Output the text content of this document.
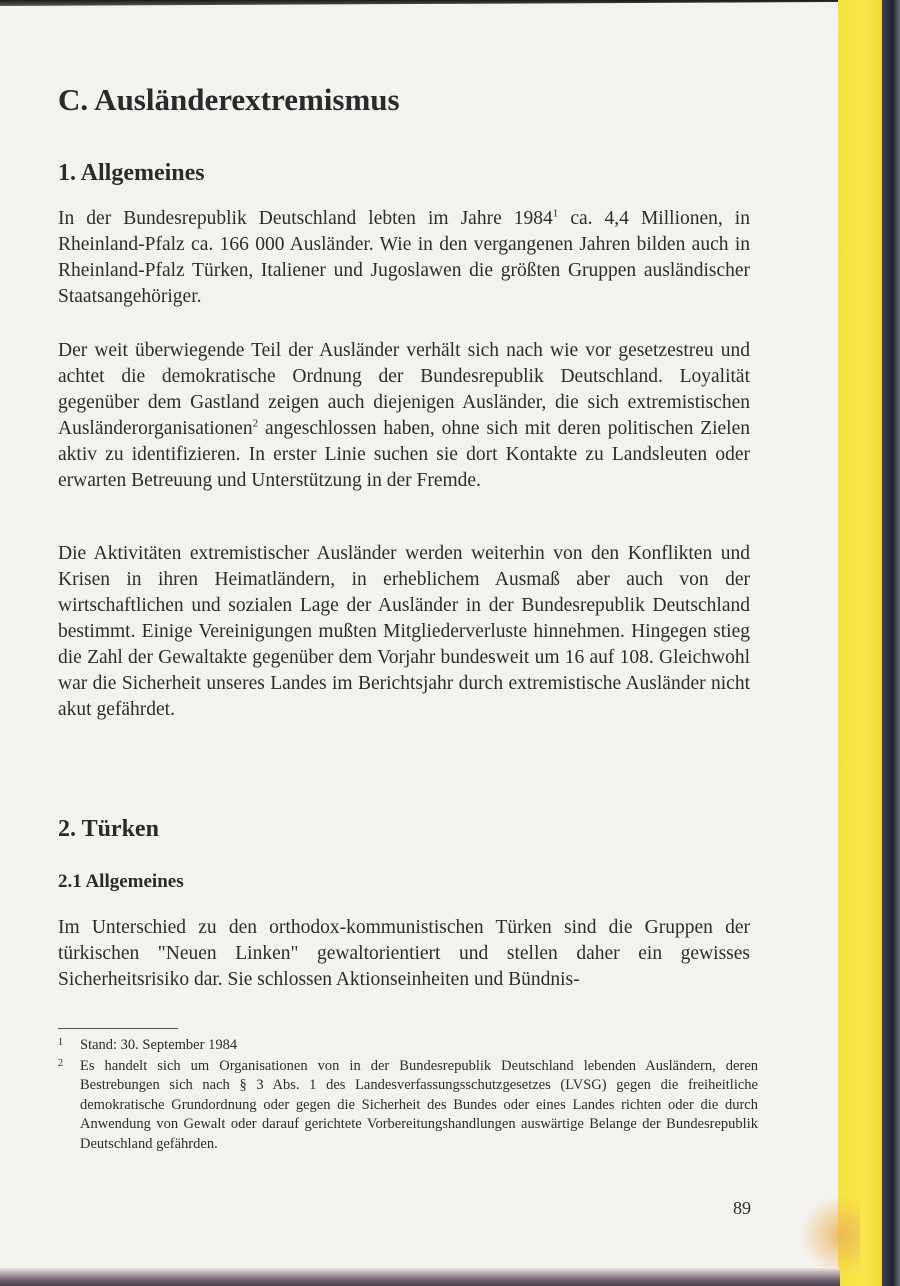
C. Ausländerextremismus
1. Allgemeines

In der Bundesrepublik Deutschland lebten im Jahre 1984$^1$ ca. 4,4 Millionen, in Rheinland-Pfalz ca. 166 000 Ausländer. Wie in den vergangenen Jahren bilden auch in Rheinland-Pfalz Türken, Italiener und Jugoslawen die größten Gruppen ausländischer Staatsangehöriger.

Der weit überwiegende Teil der Ausländer verhält sich nach wie vor gesetzestreu und achtet die demokratische Ordnung der Bundesrepublik Deutschland. Loyalität gegenüber dem Gastland zeigen auch diejenigen Ausländer, die sich extremistischen Ausländerorganisationen$^2$ angeschlossen haben, ohne sich mit deren politischen Zielen aktiv zu identifizieren. In erster Linie suchen sie dort Kontakte zu Landsleuten oder erwarten Betreuung und Unterstützung in der Fremde.

Die Aktivitäten extremistischer Ausländer werden weiterhin von den Konflikten und Krisen in ihren Heimatländern, in erheblichem Ausmaß aber auch von der wirtschaftlichen und sozialen Lage der Ausländer in der Bundesrepublik Deutschland bestimmt. Einige Vereinigungen mußten Mitgliederverluste hinnehmen. Hingegen stieg die Zahl der Gewaltakte gegenüber dem Vorjahr bundesweit um 16 auf 108. Gleichwohl war die Sicherheit unseres Landes im Berichtsjahr durch extremistische Ausländer nicht akut gefährdet.

2. Türken
2.1 Allgemeines

Im Unterschied zu den orthodox-kommunistischen Türken sind die Gruppen der türkischen "Neuen Linken" gewaltorientiert und stellen daher ein gewisses Sicherheitsrisiko dar. Sie schlossen Aktionseinheiten und Bündnis-

1	Stand: 30. September 1984
2	Es handelt sich um Organisationen von in der Bundesrepublik Deutschland lebenden Ausländern, deren Bestrebungen sich nach § 3 Abs. 1 des Landesverfassungsschutzgesetzes (LVSG) gegen die freiheitliche demokratische Grundordnung oder gegen die Sicherheit des Bundes oder eines Landes richten oder die durch Anwendung von Gewalt oder darauf gerichtete Vorbereitungshandlungen auswärtige Belange der Bundesrepublik Deutschland gefährden.
89
